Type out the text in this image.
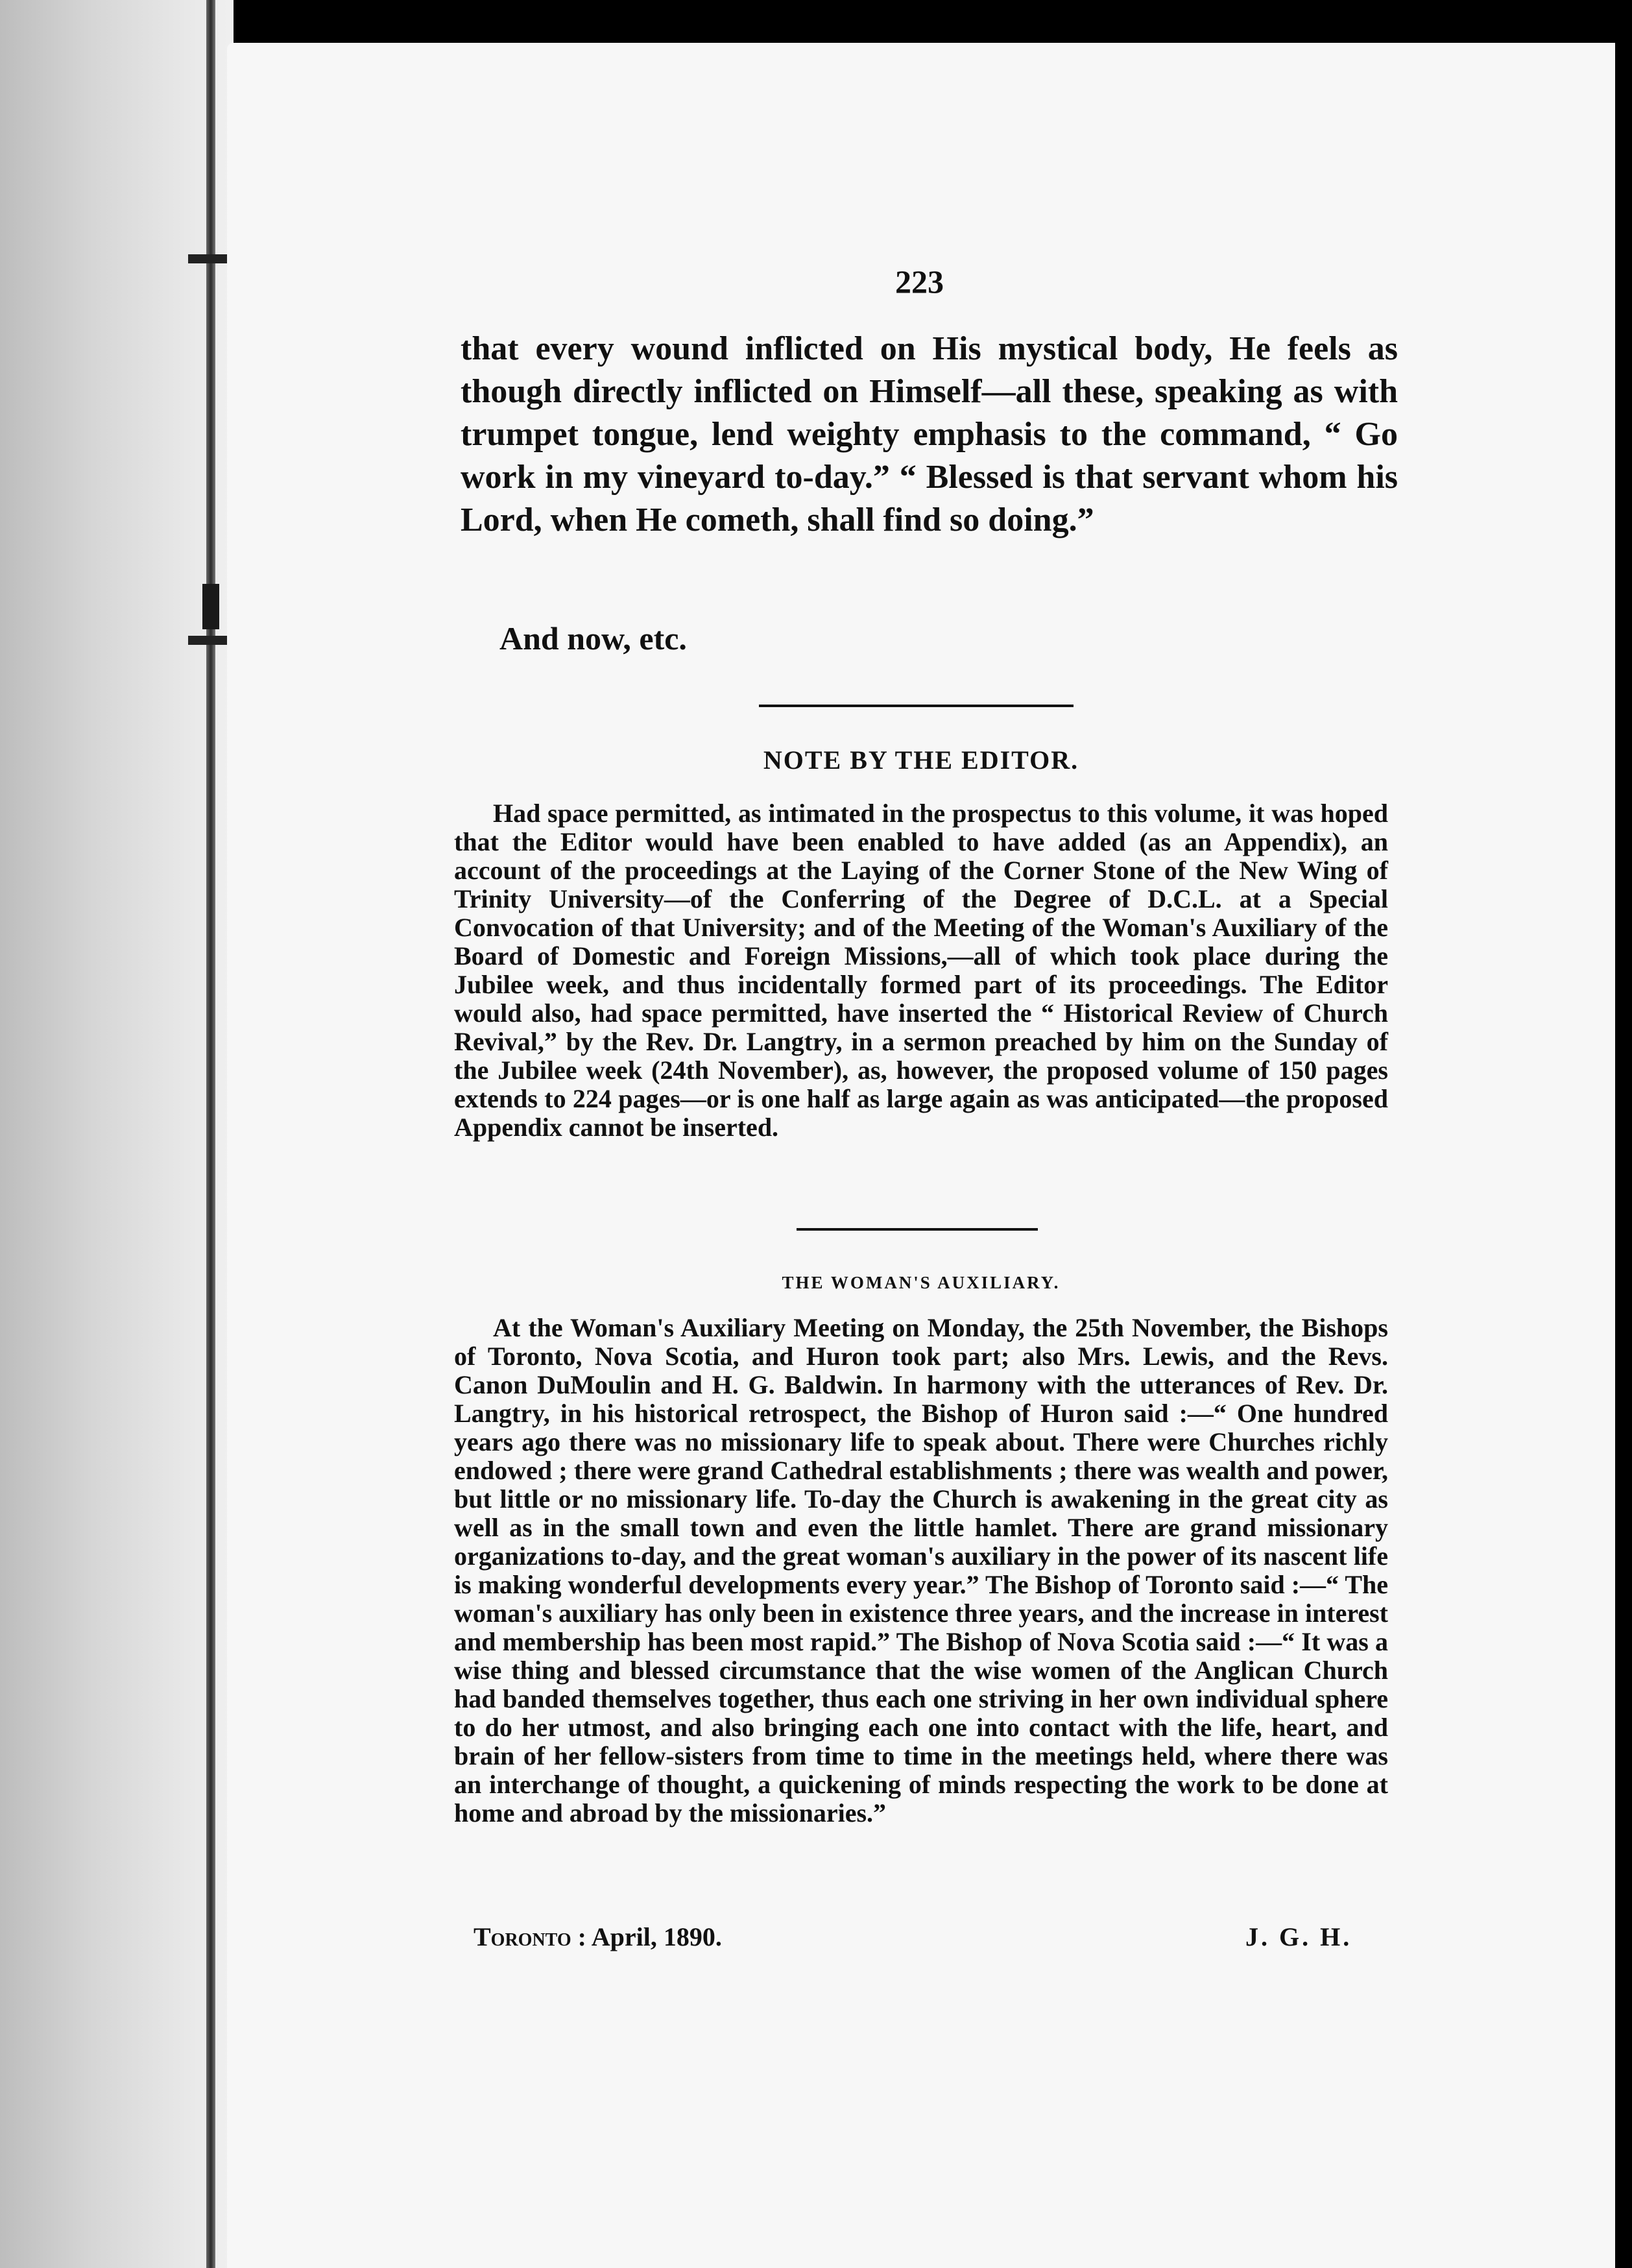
223

that every wound inflicted on His mystical body, He feels as though directly inflicted on Himself—all these, speaking as with trumpet tongue, lend weighty emphasis to the command, “ Go work in my vineyard to-day.” “ Blessed is that servant whom his Lord, when He cometh, shall find so doing.”

And now, etc.
NOTE BY THE EDITOR.
Had space permitted, as intimated in the prospectus to this volume, it was hoped that the Editor would have been enabled to have added (as an Appendix), an account of the proceedings at the Laying of the Corner Stone of the New Wing of Trinity University—of the Conferring of the Degree of D.C.L. at a Special Convocation of that University; and of the Meeting of the Woman's Auxiliary of the Board of Domestic and Foreign Missions,—all of which took place during the Jubilee week, and thus incidentally formed part of its proceedings. The Editor would also, had space permitted, have inserted the “ Historical Review of Church Revival,” by the Rev. Dr. Langtry, in a sermon preached by him on the Sunday of the Jubilee week (24th November), as, however, the proposed volume of 150 pages extends to 224 pages—or is one half as large again as was anticipated—the proposed Appendix cannot be inserted.
THE WOMAN'S AUXILIARY.
At the Woman's Auxiliary Meeting on Monday, the 25th November, the Bishops of Toronto, Nova Scotia, and Huron took part; also Mrs. Lewis, and the Revs. Canon DuMoulin and H. G. Baldwin. In harmony with the utterances of Rev. Dr. Langtry, in his historical retrospect, the Bishop of Huron said :—“ One hundred years ago there was no missionary life to speak about. There were Churches richly endowed ; there were grand Cathedral establishments ; there was wealth and power, but little or no missionary life. To-day the Church is awakening in the great city as well as in the small town and even the little hamlet. There are grand missionary organizations to-day, and the great woman's auxiliary in the power of its nascent life is making wonderful developments every year.” The Bishop of Toronto said :—“ The woman's auxiliary has only been in existence three years, and the increase in interest and membership has been most rapid.” The Bishop of Nova Scotia said :—“ It was a wise thing and blessed circumstance that the wise women of the Anglican Church had banded themselves together, thus each one striving in her own individual sphere to do her utmost, and also bringing each one into contact with the life, heart, and brain of her fellow-sisters from time to time in the meetings held, where there was an interchange of thought, a quickening of minds respecting the work to be done at home and abroad by the missionaries.”
Toronto : April, 1890.	J. G. H.
